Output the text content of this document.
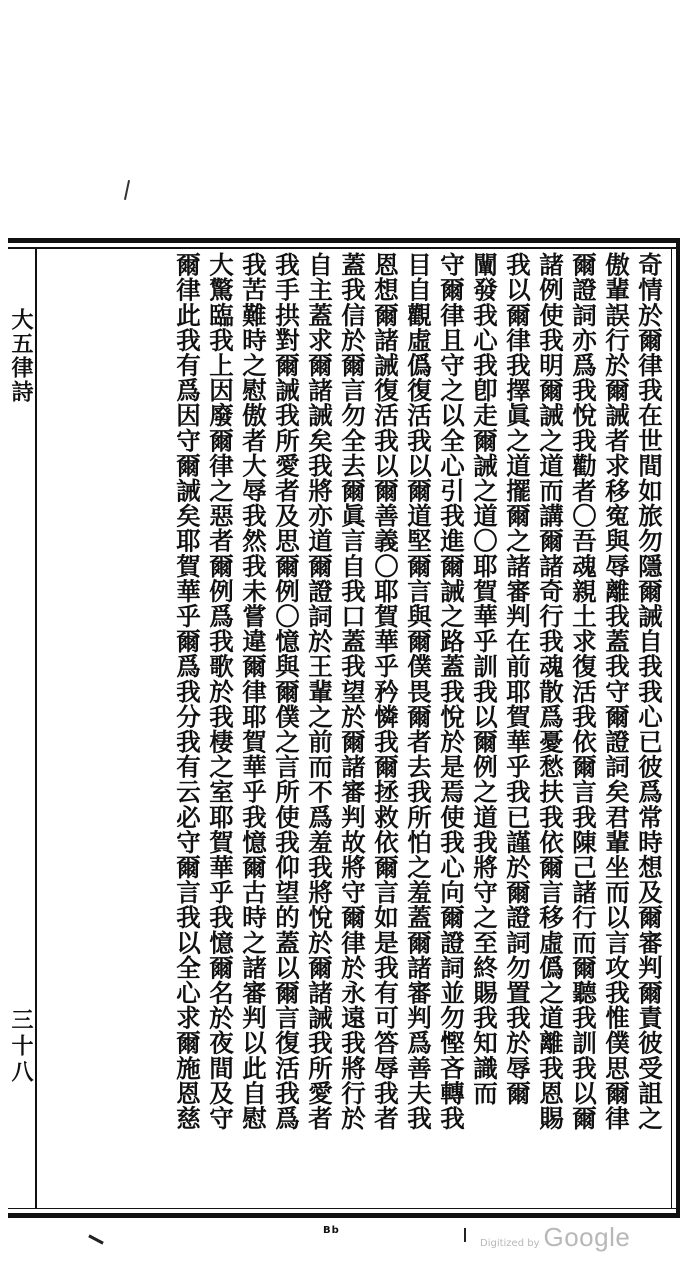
大五律詩
三十八	奇情於爾律我在世間如旅勿隱爾誡自我我心已彼爲常時想及爾審判爾責彼受詛之
傲輩誤行於爾誡者求移寃與辱離我蓋我守爾證詞矣君輩坐而以言攻我惟僕思爾律
爾證詞亦爲我悅我勸者〇吾魂親土求復活我依爾言我陳己諸行而爾聽我訓我以爾
諸例使我明爾誡之道而講爾諸奇行我魂散爲憂愁扶我依爾言移虛僞之道離我恩賜
我以爾律我擇眞之道擺爾之諸審判在前耶賀華乎我已謹於爾證詞勿置我於辱爾
闡發我心我卽走爾誡之道〇耶賀華乎訓我以爾例之道我將守之至終賜我知識而
守爾律且守之以全心引我進爾誡之路蓋我悅於是焉使我心向爾證詞並勿慳吝轉我
目自觀虛僞復活我以爾道堅爾言與爾僕畏爾者去我所怕之羞蓋爾諸審判爲善夫我
恩想爾諸誡復活我以爾善義〇耶賀華乎矜憐我爾拯救依爾言如是我有可答辱我者
蓋我信於爾言勿全去爾眞言自我口蓋我望於爾諸審判故將守爾律於永遠我將行於
自主蓋求爾諸誡矣我將亦道爾證詞於王輩之前而不爲羞我將悅於爾諸誡我所愛者
我手拱對爾誡我所愛者及思爾例〇憶與爾僕之言所使我仰望的蓋以爾言復活我爲
我苦難時之慰傲者大辱我然我未嘗違爾律耶賀華乎我憶爾古時之諸審判以此自慰
大驚臨我上因廢爾律之惡者爾例爲我歌於我棲之室耶賀華乎我憶爾名於夜間及守
爾律此我有爲因守爾誡矣耶賀華乎爾爲我分我有云必守爾言我以全心求爾施恩慈
Bb
Digitized by Google
